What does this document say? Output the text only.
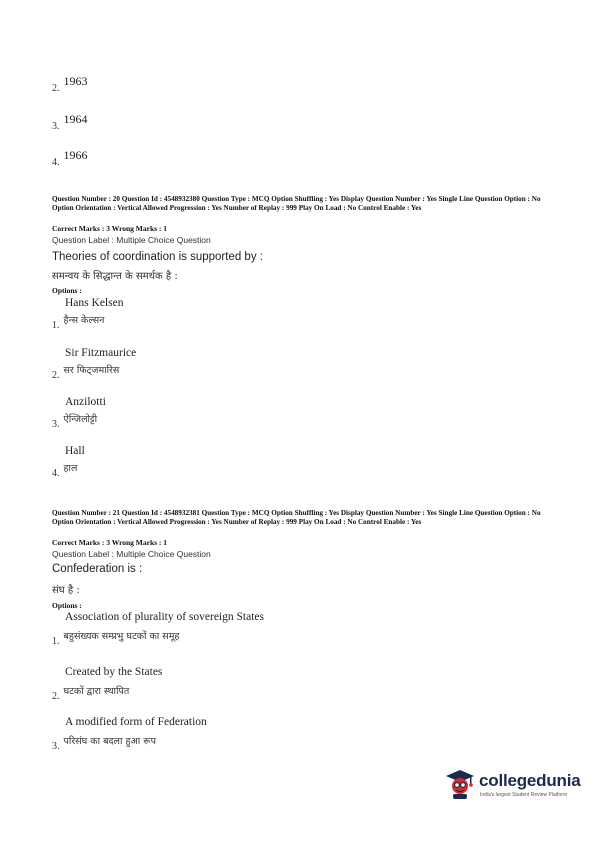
$_{2.}$ 1963
$_{3.}$ 1964
$_{4.}$ 1966
Question Number : 20 Question Id : 4548932380 Question Type : MCQ Option Shuffling : Yes Display Question Number : Yes Single Line Question Option : No Option Orientation : Vertical Allowed Progression : Yes Number of Replay : 999 Play On Load : No Control Enable : Yes
Correct Marks : 3 Wrong Marks : 1
Question Label : Multiple Choice Question
Theories of coordination is supported by :
समन्वय के सिद्धान्त के समर्थक है :
Options :
Hans Kelsen
$_{1.}$ हैन्स केल्सन
Sir Fitzmaurice
$_{2.}$ सर फिट्जमारिस
Anzilotti
$_{3.}$ ऐन्जिलोट्टी
Hall
$_{4.}$ हाल
Question Number : 21 Question Id : 4548932381 Question Type : MCQ Option Shuffling : Yes Display Question Number : Yes Single Line Question Option : No Option Orientation : Vertical Allowed Progression : Yes Number of Replay : 999 Play On Load : No Control Enable : Yes
Correct Marks : 3 Wrong Marks : 1
Question Label : Multiple Choice Question
Confederation is :
संघ है :
Options :
Association of plurality of sovereign States
$_{1.}$ बहुसंख्यक सम्प्रभु घटकों का समूह
Created by the States
$_{2.}$ घटकों द्वारा स्थापित
A modified form of Federation
$_{3.}$ परिसंघ का बदला हुआ रूप
collegedunia
India's largest Student Review Platform
